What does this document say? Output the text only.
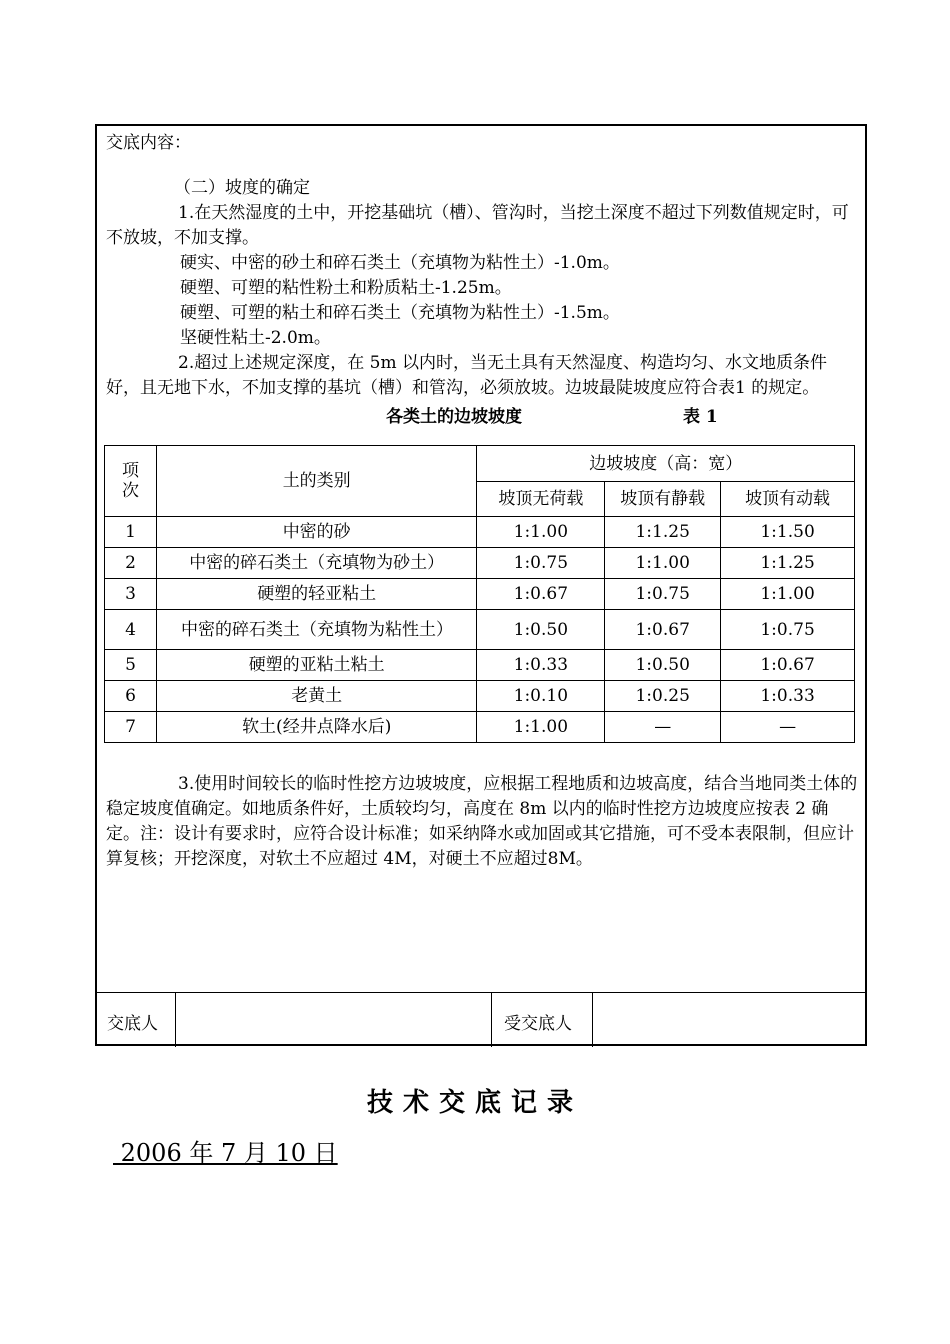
交底内容：
（二）坡度的确定
1.在天然湿度的土中，开挖基础坑（槽）、管沟时，当挖土深度不超过下列数值规定时，可不放坡，不加支撑。
硬实、中密的砂土和碎石类土（充填物为粘性土）-1.0m。
硬塑、可塑的粘性粉土和粉质粘土-1.25m。
硬塑、可塑的粘土和碎石类土（充填物为粘性土）-1.5m。
坚硬性粘土-2.0m。
2.超过上述规定深度，在 5m 以内时，当无土具有天然湿度、构造均匀、水文地质条件好，且无地下水，不加支撑的基坑（槽）和管沟，必须放坡。边坡最陡坡度应符合表1 的规定。
各类土的边坡坡度	表 1
项次	土的类别	边坡坡度（高：宽）		
		坡顶无荷载	坡顶有静载	坡顶有动载
1	中密的砂	1:1.00	1:1.25	1:1.50
2	中密的碎石类土（充填物为砂土）	1:0.75	1:1.00	1:1.25
3	硬塑的轻亚粘土	1:0.67	1:0.75	1:1.00
4	中密的碎石类土（充填物为粘性土）	1:0.50	1:0.67	1:0.75
5	硬塑的亚粘土粘土	1:0.33	1:0.50	1:0.67
6	老黄土	1:0.10	1:0.25	1:0.33
7	软土(经井点降水后)	1:1.00	—	—
3.使用时间较长的临时性挖方边坡坡度，应根据工程地质和边坡高度，结合当地同类土体的稳定坡度值确定。如地质条件好，土质较均匀，高度在 8m 以内的临时性挖方边坡度应按表 2 确定。注：设计有要求时，应符合设计标准；如采纳降水或加固或其它措施，可不受本表限制，但应计算复核；开挖深度，对软土不应超过 4M，对硬土不应超过8M。
交底人	受交底人
技术交底记录
2006 年 7 月 10 日
